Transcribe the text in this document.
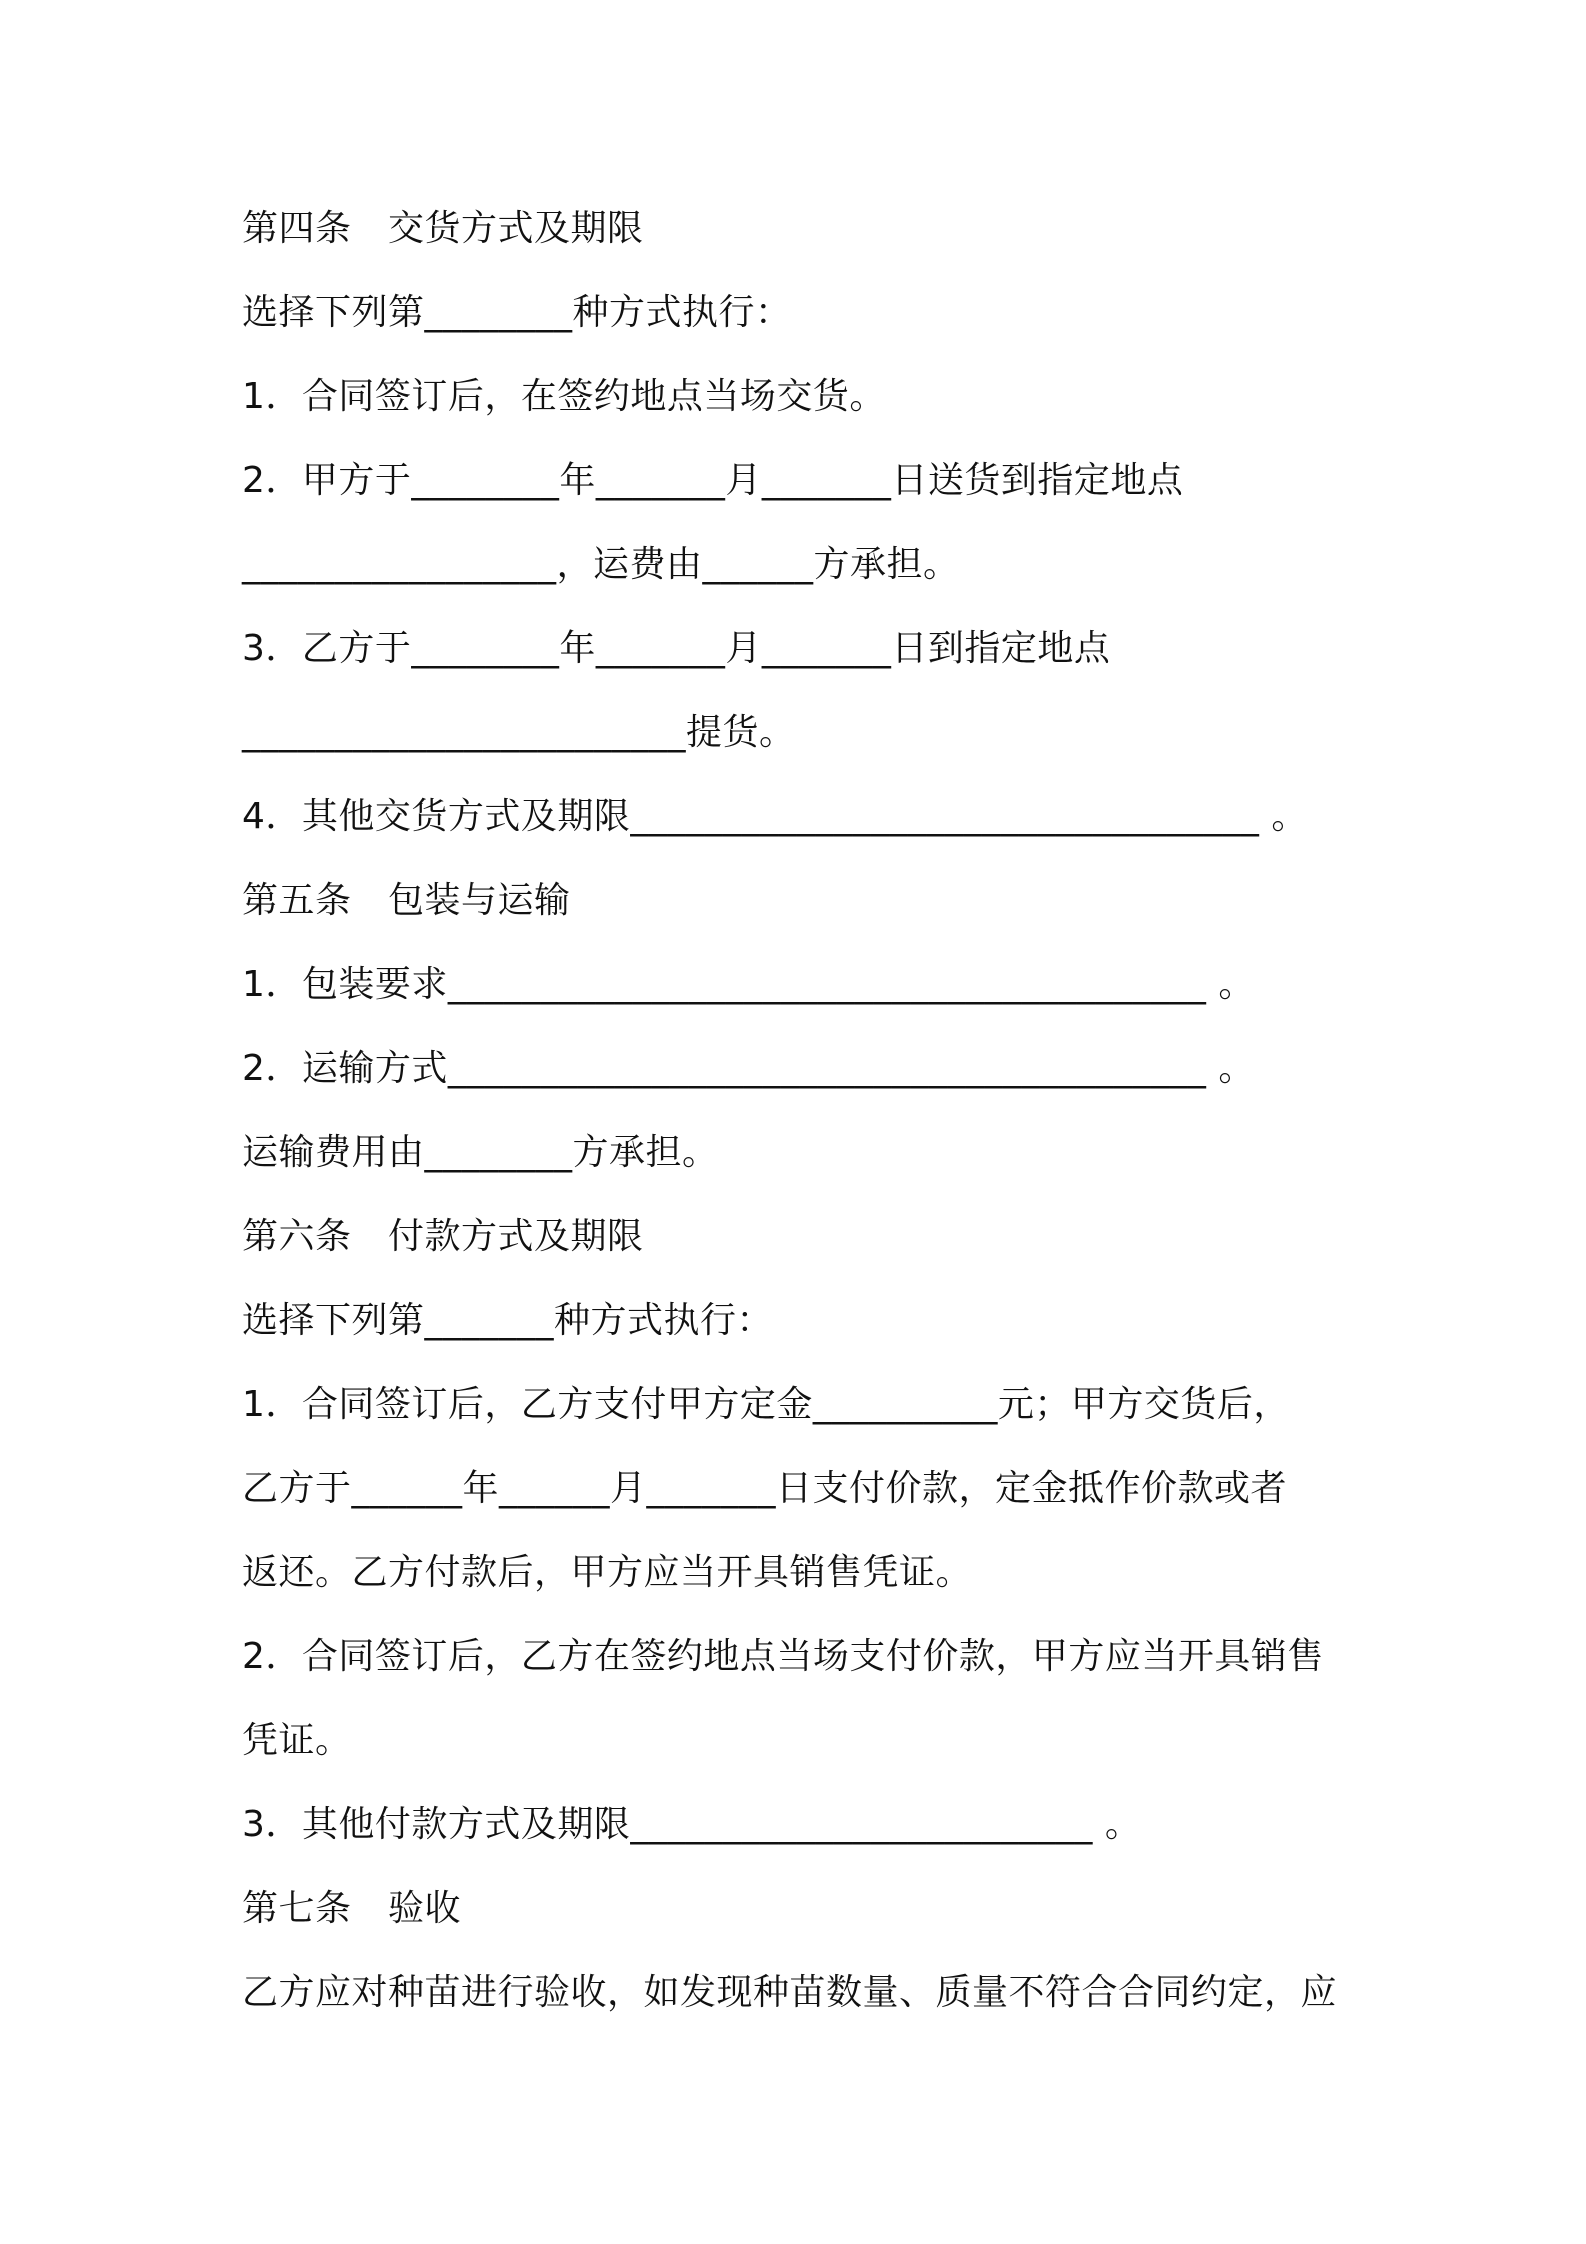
第四条　交货方式及期限
选择下列第________种方式执行：
1．合同签订后，在签约地点当场交货。
2．甲方于________年_______月_______日送货到指定地点
_________________，运费由______方承担。
3．乙方于________年_______月_______日到指定地点
________________________提货。
4．其他交货方式及期限__________________________________ 。
第五条　包装与运输
1．包装要求_________________________________________ 。
2．运输方式_________________________________________ 。
运输费用由________方承担。
第六条　付款方式及期限
选择下列第_______种方式执行：
1．合同签订后，乙方支付甲方定金__________元；甲方交货后，
乙方于______年______月_______日支付价款，定金抵作价款或者
返还。乙方付款后，甲方应当开具销售凭证。
2．合同签订后，乙方在签约地点当场支付价款，甲方应当开具销售
凭证。
3．其他付款方式及期限_________________________ 。
第七条　验收
乙方应对种苗进行验收，如发现种苗数量、质量不符合合同约定，应
